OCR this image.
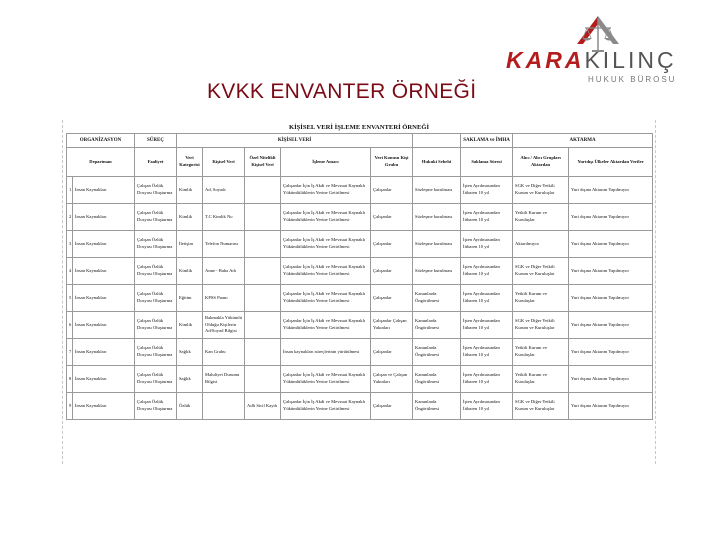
KARAKILINÇ
HUKUK BÜROSU
KVKK ENVANTER ÖRNEĞİ
KİŞİSEL VERİ İŞLEME ENVANTERİ ÖRNEĞİ
ORGANİZASYON		SÜREÇ	KİŞİSEL VERİ						SAKLAMA ve İMHA	AKTARMA	
Departman		Faaliyet	Veri Kategorisi	Kişisel Veri	Özel Nitelikli Kişisel Veri	İşleme Amacı	Veri Konusu Kişi Grubu	Hukuki Sebebi	Saklama Süresi	Alıcı / Alıcı Grupları Aktarılan	Yurtdışı Ülkeler Aktarılan Veriler
1	İnsan Kaynakları	Çalışan Özlük Dosyası Oluşturma	Kimlik	Ad, Soyadı		Çalışanlar İçin İş Akdi ve Mevzuat Kaynaklı Yükümlülüklerin Yerine Getirilmesi	Çalışanlar	Sözleşme kurulması	İşten Ayrılmasından İtibaren 10 yıl	SGK ve Diğer Yetkili Kurum ve Kuruluşlar	Yurt dışına Aktarım Yapılmıyor
2	İnsan Kaynakları	Çalışan Özlük Dosyası Oluşturma	Kimlik	T.C Kimlik No		Çalışanlar İçin İş Akdi ve Mevzuat Kaynaklı Yükümlülüklerin Yerine Getirilmesi	Çalışanlar	Sözleşme kurulması	İşten Ayrılmasından İtibaren 10 yıl	Yetkili Kurum ve Kuruluşlar	Yurt dışına Aktarım Yapılmıyor
3	İnsan Kaynakları	Çalışan Özlük Dosyası Oluşturma	İletişim	Telefon Numarası		Çalışanlar İçin İş Akdi ve Mevzuat Kaynaklı Yükümlülüklerin Yerine Getirilmesi	Çalışanlar	Sözleşme kurulması	İşten Ayrılmasından İtibaren 10 yıl	Aktarılmıyor	Yurt dışına Aktarım Yapılmıyor
4	İnsan Kaynakları	Çalışan Özlük Dosyası Oluşturma	Kimlik	Anne - Baba Adı		Çalışanlar İçin İş Akdi ve Mevzuat Kaynaklı Yükümlülüklerin Yerine Getirilmesi	Çalışanlar	Sözleşme kurulması	İşten Ayrılmasından İtibaren 10 yıl	SGK ve Diğer Yetkili Kurum ve Kuruluşlar	Yurt dışına Aktarım Yapılmıyor
5	İnsan Kaynakları	Çalışan Özlük Dosyası Oluşturma	Eğitim	KPSS Puanı		Çalışanlar İçin İş Akdi ve Mevzuat Kaynaklı Yükümlülüklerin Yerine Getirilmesi	Çalışanlar	Kanunlarda Öngörülmesi	İşten Ayrılmasından İtibaren 10 yıl	Yetkili Kurum ve Kuruluşlar	Yurt dışına Aktarım Yapılmıyor
6	İnsan Kaynakları	Çalışan Özlük Dosyası Oluşturma	Kimlik	Bakmakla Yükümlü Olduğu Kişilerin Ad/Soyad Bilgisi		Çalışanlar İçin İş Akdi ve Mevzuat Kaynaklı Yükümlülüklerin Yerine Getirilmesi	Çalışanlar Çalışan Yakınları	Kanunlarda Öngörülmesi	İşten Ayrılmasından İtibaren 10 yıl	SGK ve Diğer Yetkili Kurum ve Kuruluşlar	Yurt dışına Aktarım Yapılmıyor
7	İnsan Kaynakları	Çalışan Özlük Dosyası Oluşturma	Sağlık	Kan Grubu		İnsan kaynakları süreçlerinin yürütülmesi	Çalışanlar	Kanunlarda Öngörülmesi	İşten Ayrılmasından İtibaren 10 yıl	Yetkili Kurum ve Kuruluşlar	Yurt dışına Aktarım Yapılmıyor
8	İnsan Kaynakları	Çalışan Özlük Dosyası Oluşturma	Sağlık	Maluliyet Durumu Bilgisi		Çalışanlar İçin İş Akdi ve Mevzuat Kaynaklı Yükümlülüklerin Yerine Getirilmesi	Çalışan ve Çalışan Yakınları	Kanunlarda Öngörülmesi	İşten Ayrılmasından İtibaren 10 yıl	Yetkili Kurum ve Kuruluşlar	Yurt dışına Aktarım Yapılmıyor
9	İnsan Kaynakları	Çalışan Özlük Dosyası Oluşturma	Özlük		Adli Sicil Kaydı	Çalışanlar İçin İş Akdi ve Mevzuat Kaynaklı Yükümlülüklerin Yerine Getirilmesi	Çalışanlar	Kanunlarda Öngörülmesi	İşten Ayrılmasından İtibaren 10 yıl	SGK ve Diğer Yetkili Kurum ve Kuruluşlar	Yurt dışına Aktarım Yapılmıyor
